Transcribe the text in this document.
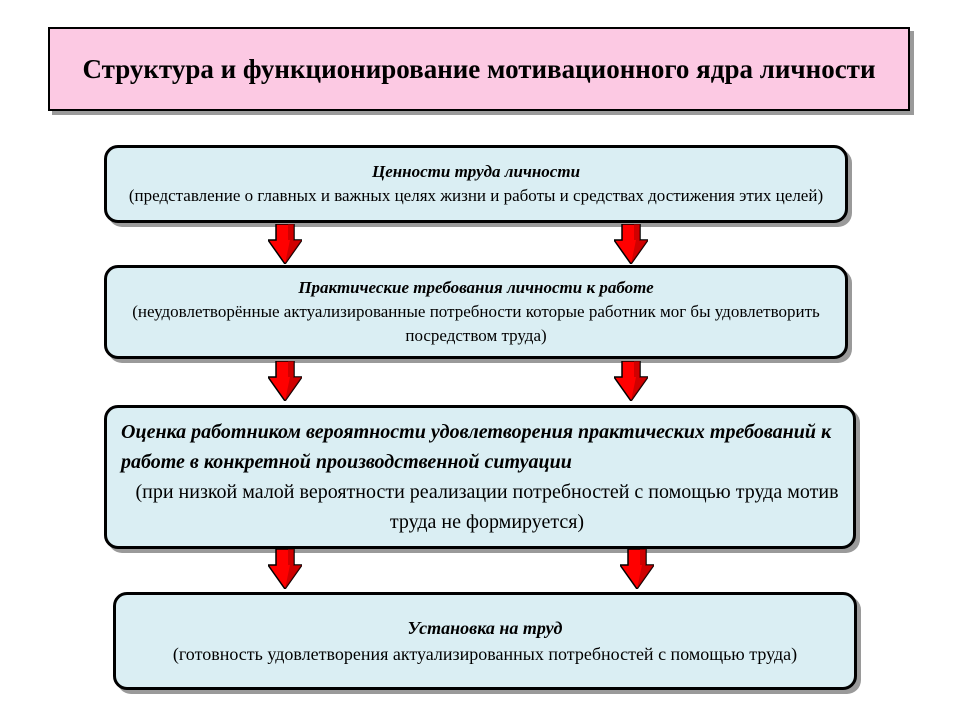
Структура и функционирование мотивационного ядра личности
Ценности труда личности
(представление о главных и важных целях жизни и работы и средствах достижения этих целей)
Практические требования личности к работе
(неудовлетворённые актуализированные потребности которые работник мог бы удовлетворить посредством труда)
Оценка работником вероятности удовлетворения практических требований к работе в конкретной производственной ситуации
(при низкой малой вероятности реализации потребностей с помощью труда мотив труда не формируется)
Установка на труд
(готовность удовлетворения актуализированных потребностей с помощью труда)
